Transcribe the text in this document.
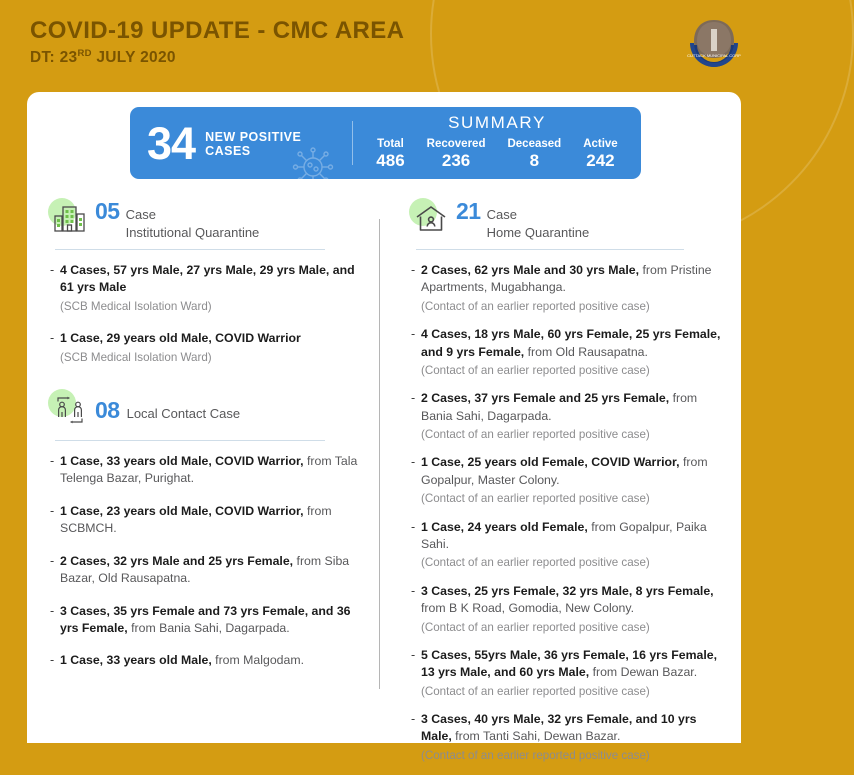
COVID-19 UPDATE - CMC AREA
DT: 23RD JULY 2020	CUTTACK MUNICIPAL CORP
34 NEW POSITIVE
CASES
SUMMARY
Total
486
Recovered
236
Deceased
8
Active
242
05 Case
Institutional Quarantine
- 4 Cases, 57 yrs Male, 27 yrs Male, 29 yrs Male, and 61 yrs Male

(SCB Medical Isolation Ward)

- 1 Case, 29 years old Male, COVID Warrior

(SCB Medical Isolation Ward)

08 Local Contact Case
- 1 Case, 33 years old Male, COVID Warrior, from Tala Telenga Bazar, Purighat.

- 1 Case, 23 years old Male, COVID Warrior, from SCBMCH.

- 2 Cases, 32 yrs Male and 25 yrs Female, from Siba Bazar, Old Rausapatna.

- 3 Cases, 35 yrs Female and 73 yrs Female, and 36 yrs Female, from Bania Sahi, Dagarpada.

- 1 Case, 33 years old Male, from Malgodam.

21 Case
Home Quarantine
- 2 Cases, 62 yrs Male and 30 yrs Male, from Pristine Apartments, Mugabhanga.

(Contact of an earlier reported positive case)

- 4 Cases, 18 yrs Male, 60 yrs Female, 25 yrs Female, and 9 yrs Female, from Old Rausapatna.

(Contact of an earlier reported positive case)

- 2 Cases, 37 yrs Female and 25 yrs Female, from Bania Sahi, Dagarpada.

(Contact of an earlier reported positive case)

- 1 Case, 25 years old Female, COVID Warrior, from Gopalpur, Master Colony.

(Contact of an earlier reported positive case)

- 1 Case, 24 years old Female, from Gopalpur, Paika Sahi.

(Contact of an earlier reported positive case)

- 3 Cases, 25 yrs Female, 32 yrs Male, 8 yrs Female, from B K Road, Gomodia, New Colony.

(Contact of an earlier reported positive case)

- 5 Cases, 55yrs Male, 36 yrs Female, 16 yrs Female, 13 yrs Male, and 60 yrs Male, from Dewan Bazar.

(Contact of an earlier reported positive case)

- 3 Cases, 40 yrs Male, 32 yrs Female, and 10 yrs Male, from Tanti Sahi, Dewan Bazar.

(Contact of an earlier reported positive case)
